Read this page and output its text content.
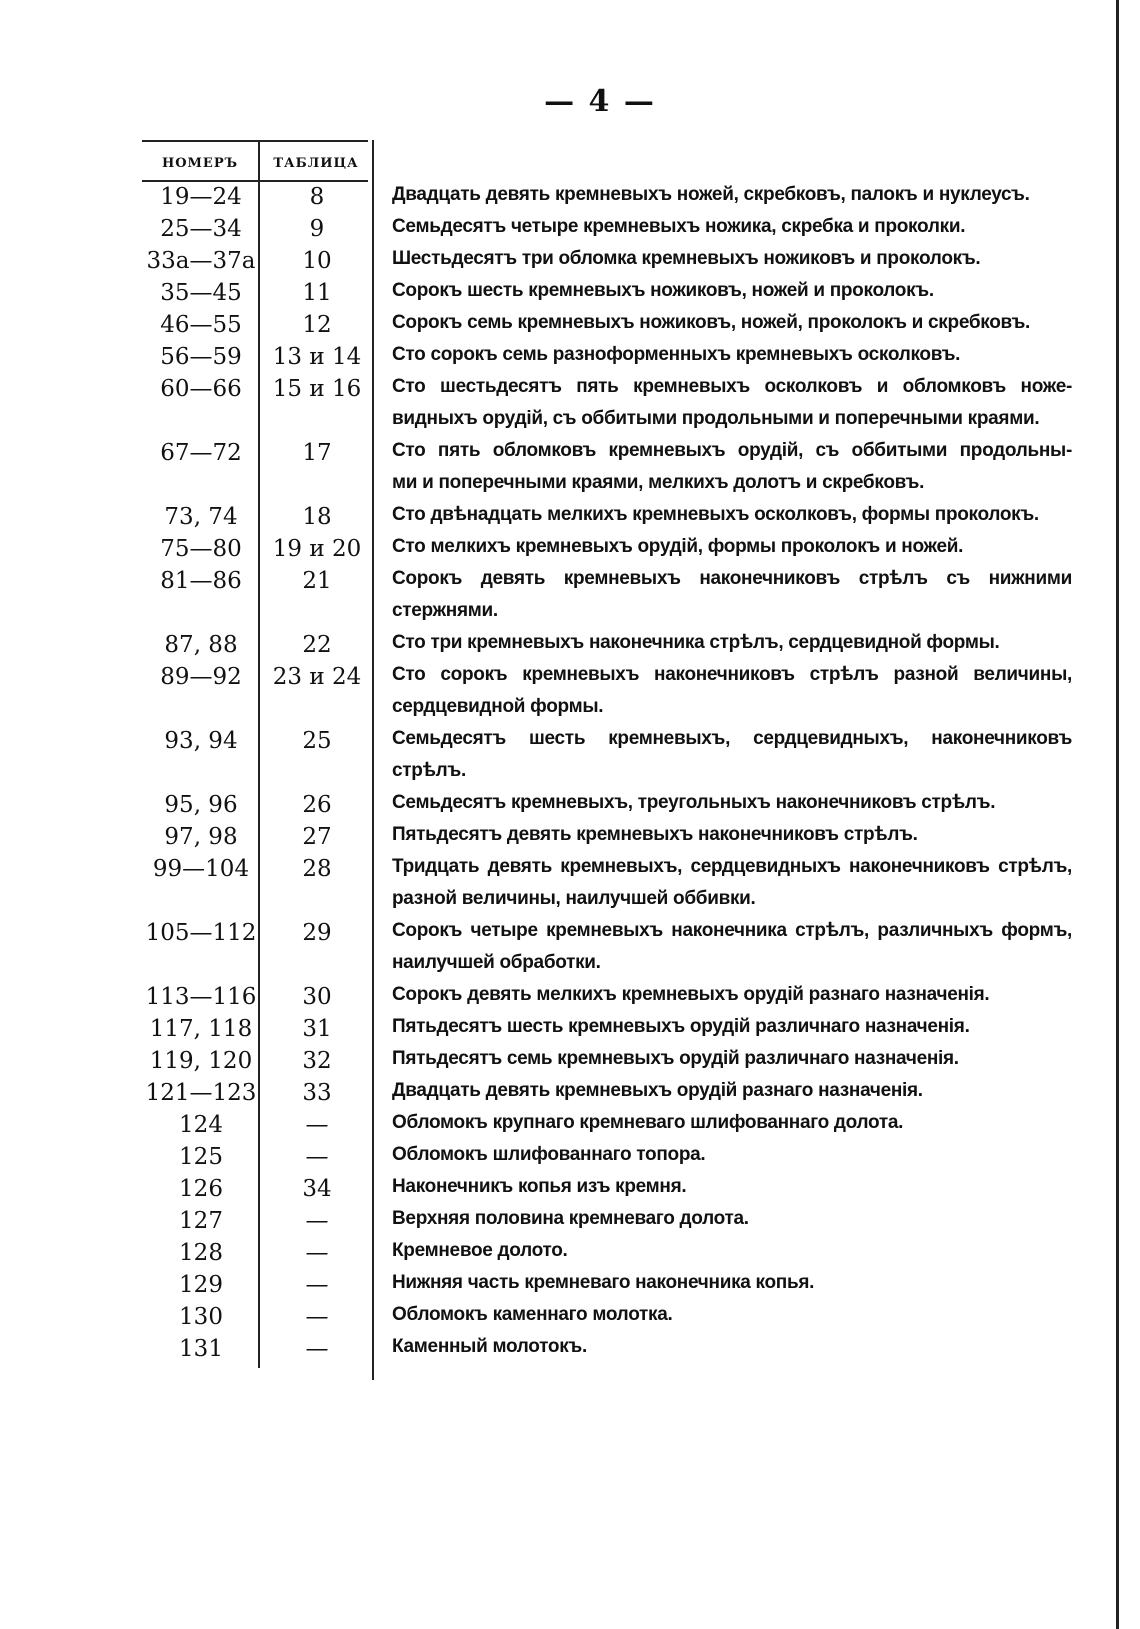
— 4 —
НОМЕРЪ	ТАБЛИЦА
19—24	8	Двадцать девять кремневыхъ ножей, скребковъ, палокъ и нуклеусъ.
25—34	9	Семьдесятъ четыре кремневыхъ ножика, скребка и проколки.
33a—37a	10	Шестьдесятъ три обломка кремневыхъ ножиковъ и проколокъ.
35—45	11	Сорокъ шесть кремневыхъ ножиковъ, ножей и проколокъ.
46—55	12	Сорокъ семь кремневыхъ ножиковъ, ножей, проколокъ и скребковъ.
56—59	13 и 14	Сто сорокъ семь разноформенныхъ кремневыхъ осколковъ.
60—66	15 и 16	Сто шестьдесятъ пять кремневыхъ осколковъ и обломковъ ноже-
видныхъ орудій, съ оббитыми продольными и поперечными краями.
67—72	17	Сто пять обломковъ кремневыхъ орудій, съ оббитыми продольны-
ми и поперечными краями, мелкихъ долотъ и скребковъ.
73, 74	18	Сто двѣнадцать мелкихъ кремневыхъ осколковъ, формы проколокъ.
75—80	19 и 20	Сто мелкихъ кремневыхъ орудій, формы проколокъ и ножей.
81—86	21	Сорокъ девять кремневыхъ наконечниковъ стрѣлъ съ нижними
стержнями.
87, 88	22	Сто три кремневыхъ наконечника стрѣлъ, сердцевидной формы.
89—92	23 и 24	Сто сорокъ кремневыхъ наконечниковъ стрѣлъ разной величины,
сердцевидной формы.
93, 94	25	Семьдесятъ шесть кремневыхъ, сердцевидныхъ, наконечниковъ
стрѣлъ.
95, 96	26	Семьдесятъ кремневыхъ, треугольныхъ наконечниковъ стрѣлъ.
97, 98	27	Пятьдесятъ девять кремневыхъ наконечниковъ стрѣлъ.
99—104	28	Тридцать девять кремневыхъ, сердцевидныхъ наконечниковъ стрѣлъ,
разной величины, наилучшей оббивки.
105—112	29	Сорокъ четыре кремневыхъ наконечника стрѣлъ, различныхъ формъ,
наилучшей обработки.
113—116	30	Сорокъ девять мелкихъ кремневыхъ орудій разнаго назначенія.
117, 118	31	Пятьдесятъ шесть кремневыхъ орудій различнаго назначенія.
119, 120	32	Пятьдесятъ семь кремневыхъ орудій различнаго назначенія.
121—123	33	Двадцать девять кремневыхъ орудій разнаго назначенія.
124	—	Обломокъ крупнаго кремневаго шлифованнаго долота.
125	—	Обломокъ шлифованнаго топора.
126	34	Наконечникъ копья изъ кремня.
127	—	Верхняя половина кремневаго долота.
128	—	Кремневое долото.
129	—	Нижняя часть кремневаго наконечника копья.
130	—	Обломокъ каменнаго молотка.
131	—	Каменный молотокъ.
